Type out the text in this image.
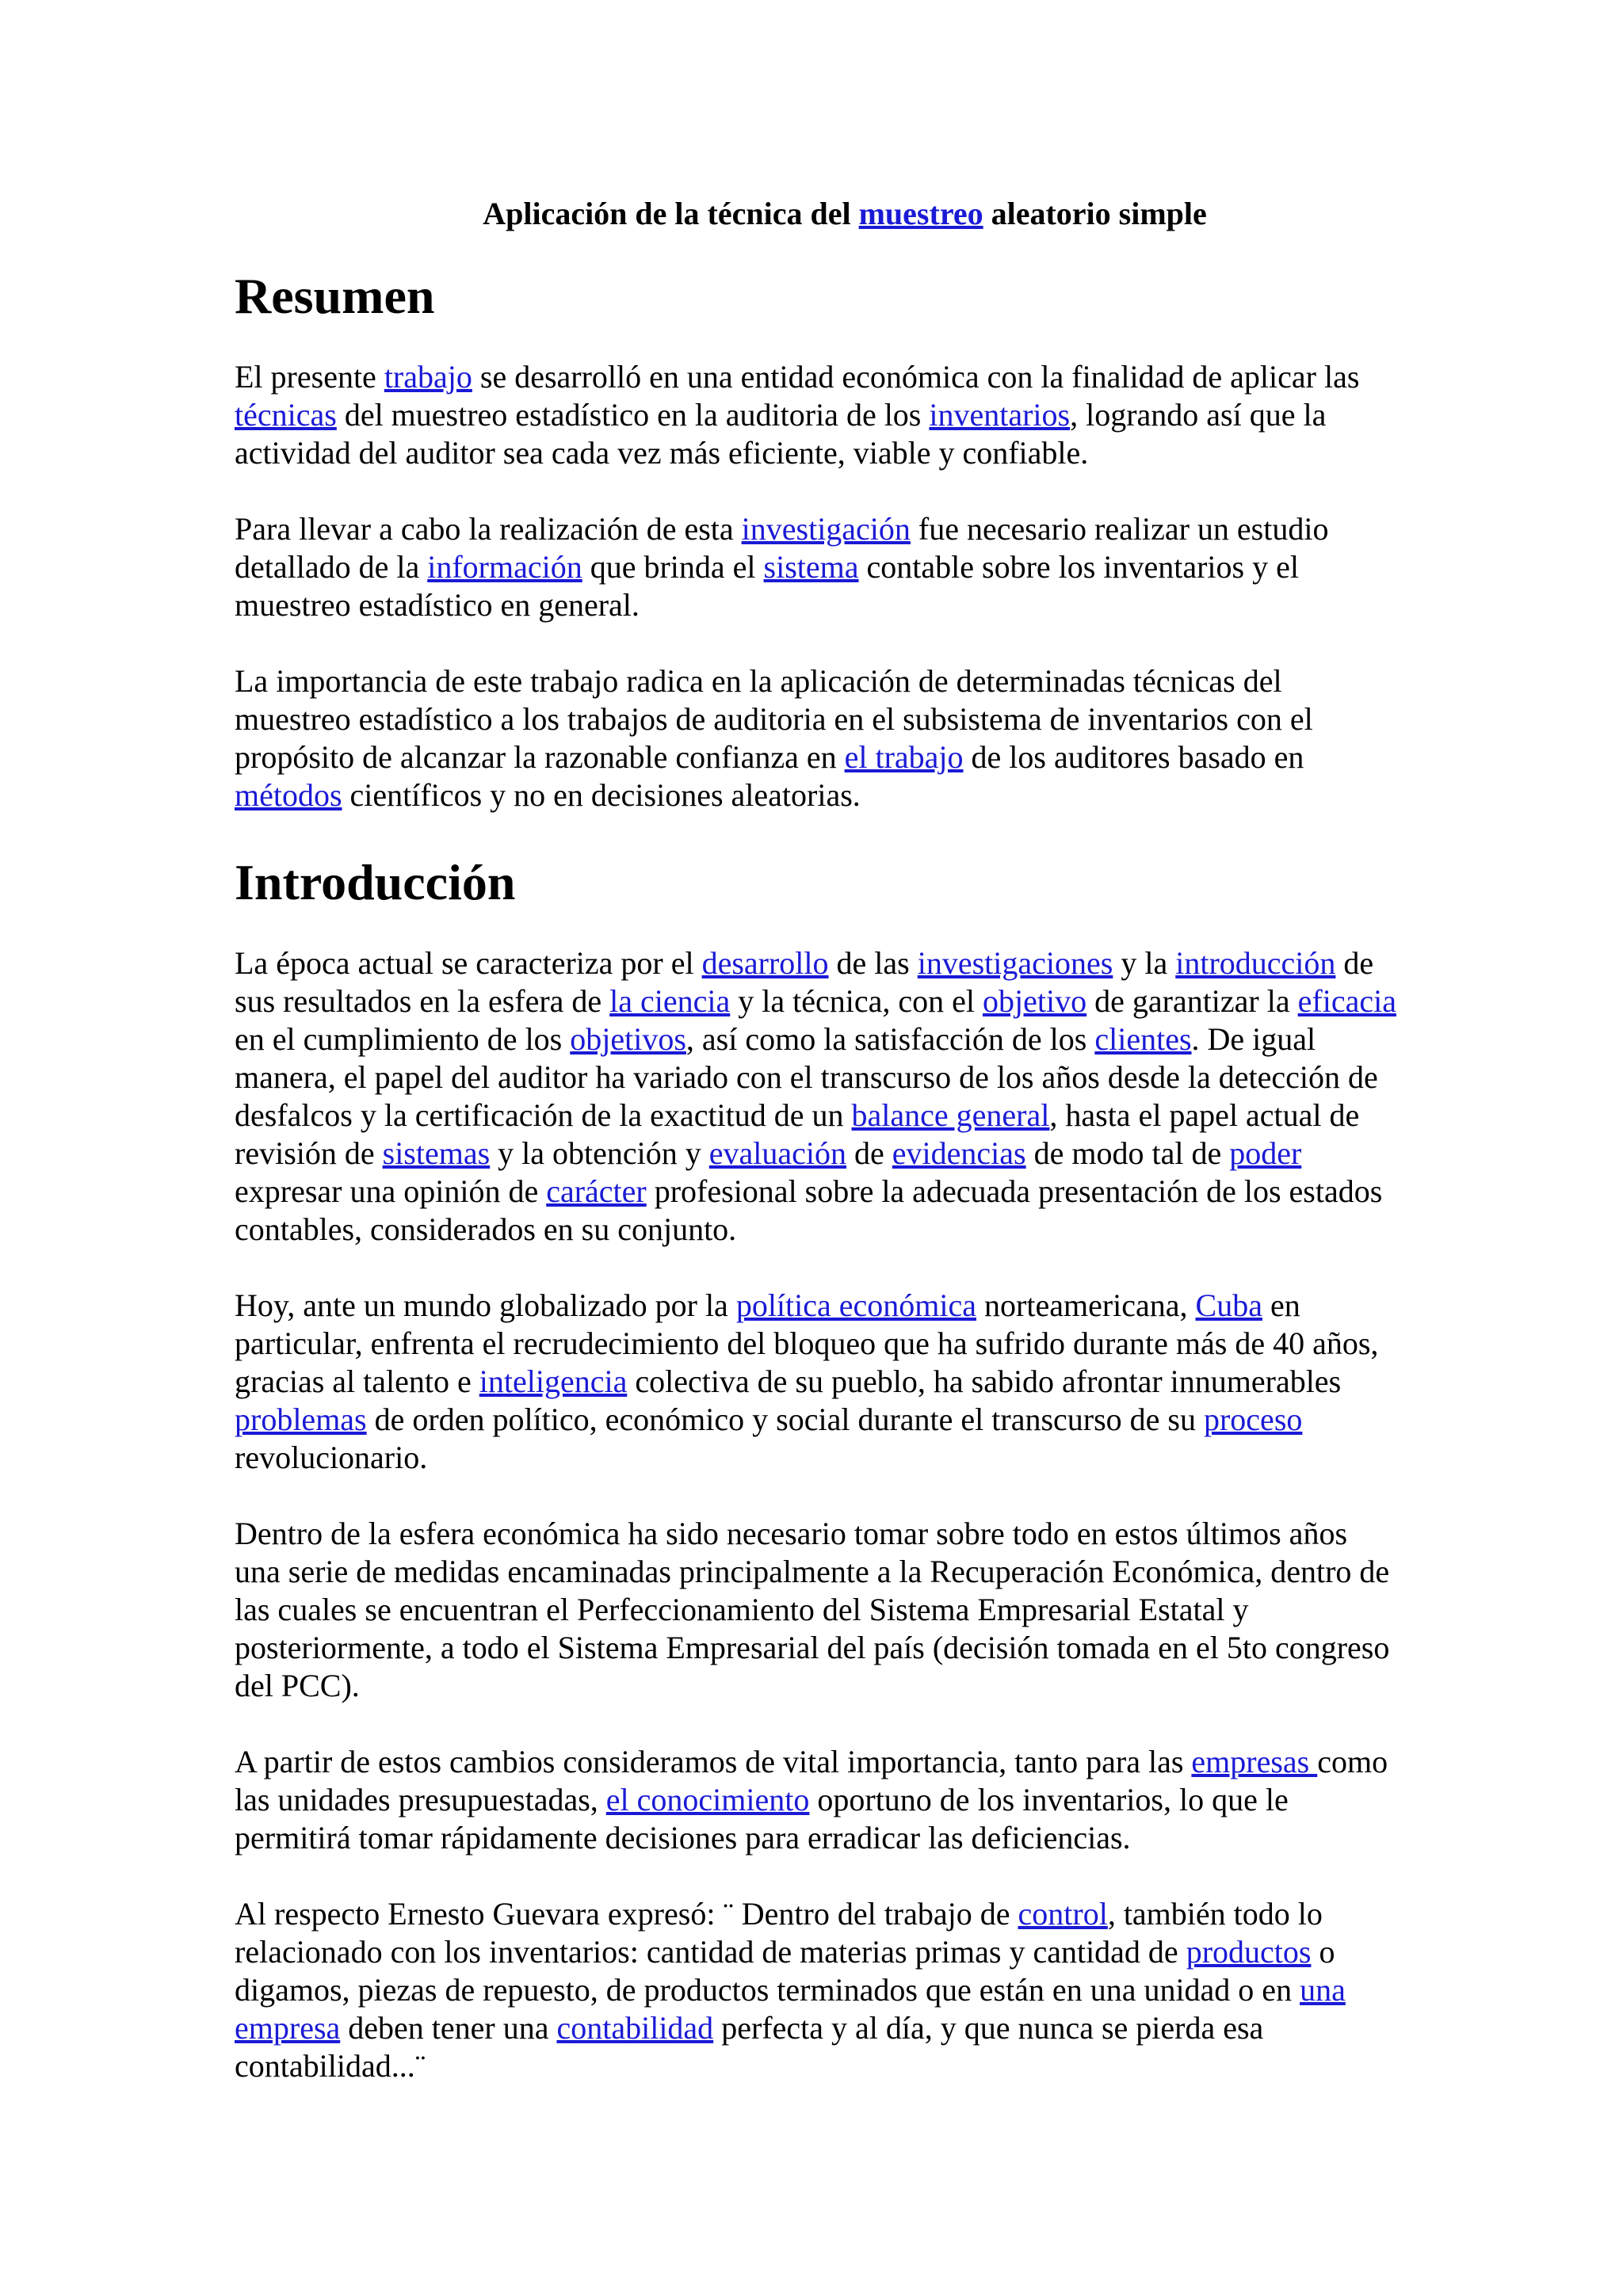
Aplicación de la técnica del muestreo aleatorio simple
Resumen

El presente trabajo se desarrolló en una entidad económica con la finalidad de aplicar las técnicas del muestreo estadístico en la auditoria de los inventarios, logrando así que la actividad del auditor sea cada vez más eficiente, viable y confiable.

Para llevar a cabo la realización de esta investigación fue necesario realizar un estudio detallado de la información que brinda el sistema contable sobre los inventarios y el muestreo estadístico en general.

La importancia de este trabajo radica en la aplicación de determinadas técnicas del muestreo estadístico a los trabajos de auditoria en el subsistema de inventarios con el propósito de alcanzar la razonable confianza en el trabajo de los auditores basado en métodos científicos y no en decisiones aleatorias.

Introducción

La época actual se caracteriza por el desarrollo de las investigaciones y la introducción de sus resultados en la esfera de la ciencia y la técnica, con el objetivo de garantizar la eficacia en el cumplimiento de los objetivos, así como la satisfacción de los clientes. De igual manera, el papel del auditor ha variado con el transcurso de los años desde la detección de desfalcos y la certificación de la exactitud de un balance general, hasta el papel actual de revisión de sistemas y la obtención y evaluación de evidencias de modo tal de poder expresar una opinión de carácter profesional sobre la adecuada presentación de los estados contables, considerados en su conjunto.

Hoy, ante un mundo globalizado por la política económica norteamericana, Cuba en particular, enfrenta el recrudecimiento del bloqueo que ha sufrido durante más de 40 años, gracias al talento e inteligencia colectiva de su pueblo, ha sabido afrontar innumerables problemas de orden político, económico y social durante el transcurso de su proceso revolucionario.

Dentro de la esfera económica ha sido necesario tomar sobre todo en estos últimos años una serie de medidas encaminadas principalmente a la Recuperación Económica, dentro de las cuales se encuentran el Perfeccionamiento del Sistema Empresarial Estatal y posteriormente, a todo el Sistema Empresarial del país (decisión tomada en el 5to congreso del PCC).

A partir de estos cambios consideramos de vital importancia, tanto para las empresas como las unidades presupuestadas, el conocimiento oportuno de los inventarios, lo que le permitirá tomar rápidamente decisiones para erradicar las deficiencias.

Al respecto Ernesto Guevara expresó: ¨ Dentro del trabajo de control, también todo lo relacionado con los inventarios: cantidad de materias primas y cantidad de productos o digamos, piezas de repuesto, de productos terminados que están en una unidad o en una empresa deben tener una contabilidad perfecta y al día, y que nunca se pierda esa contabilidad...¨
